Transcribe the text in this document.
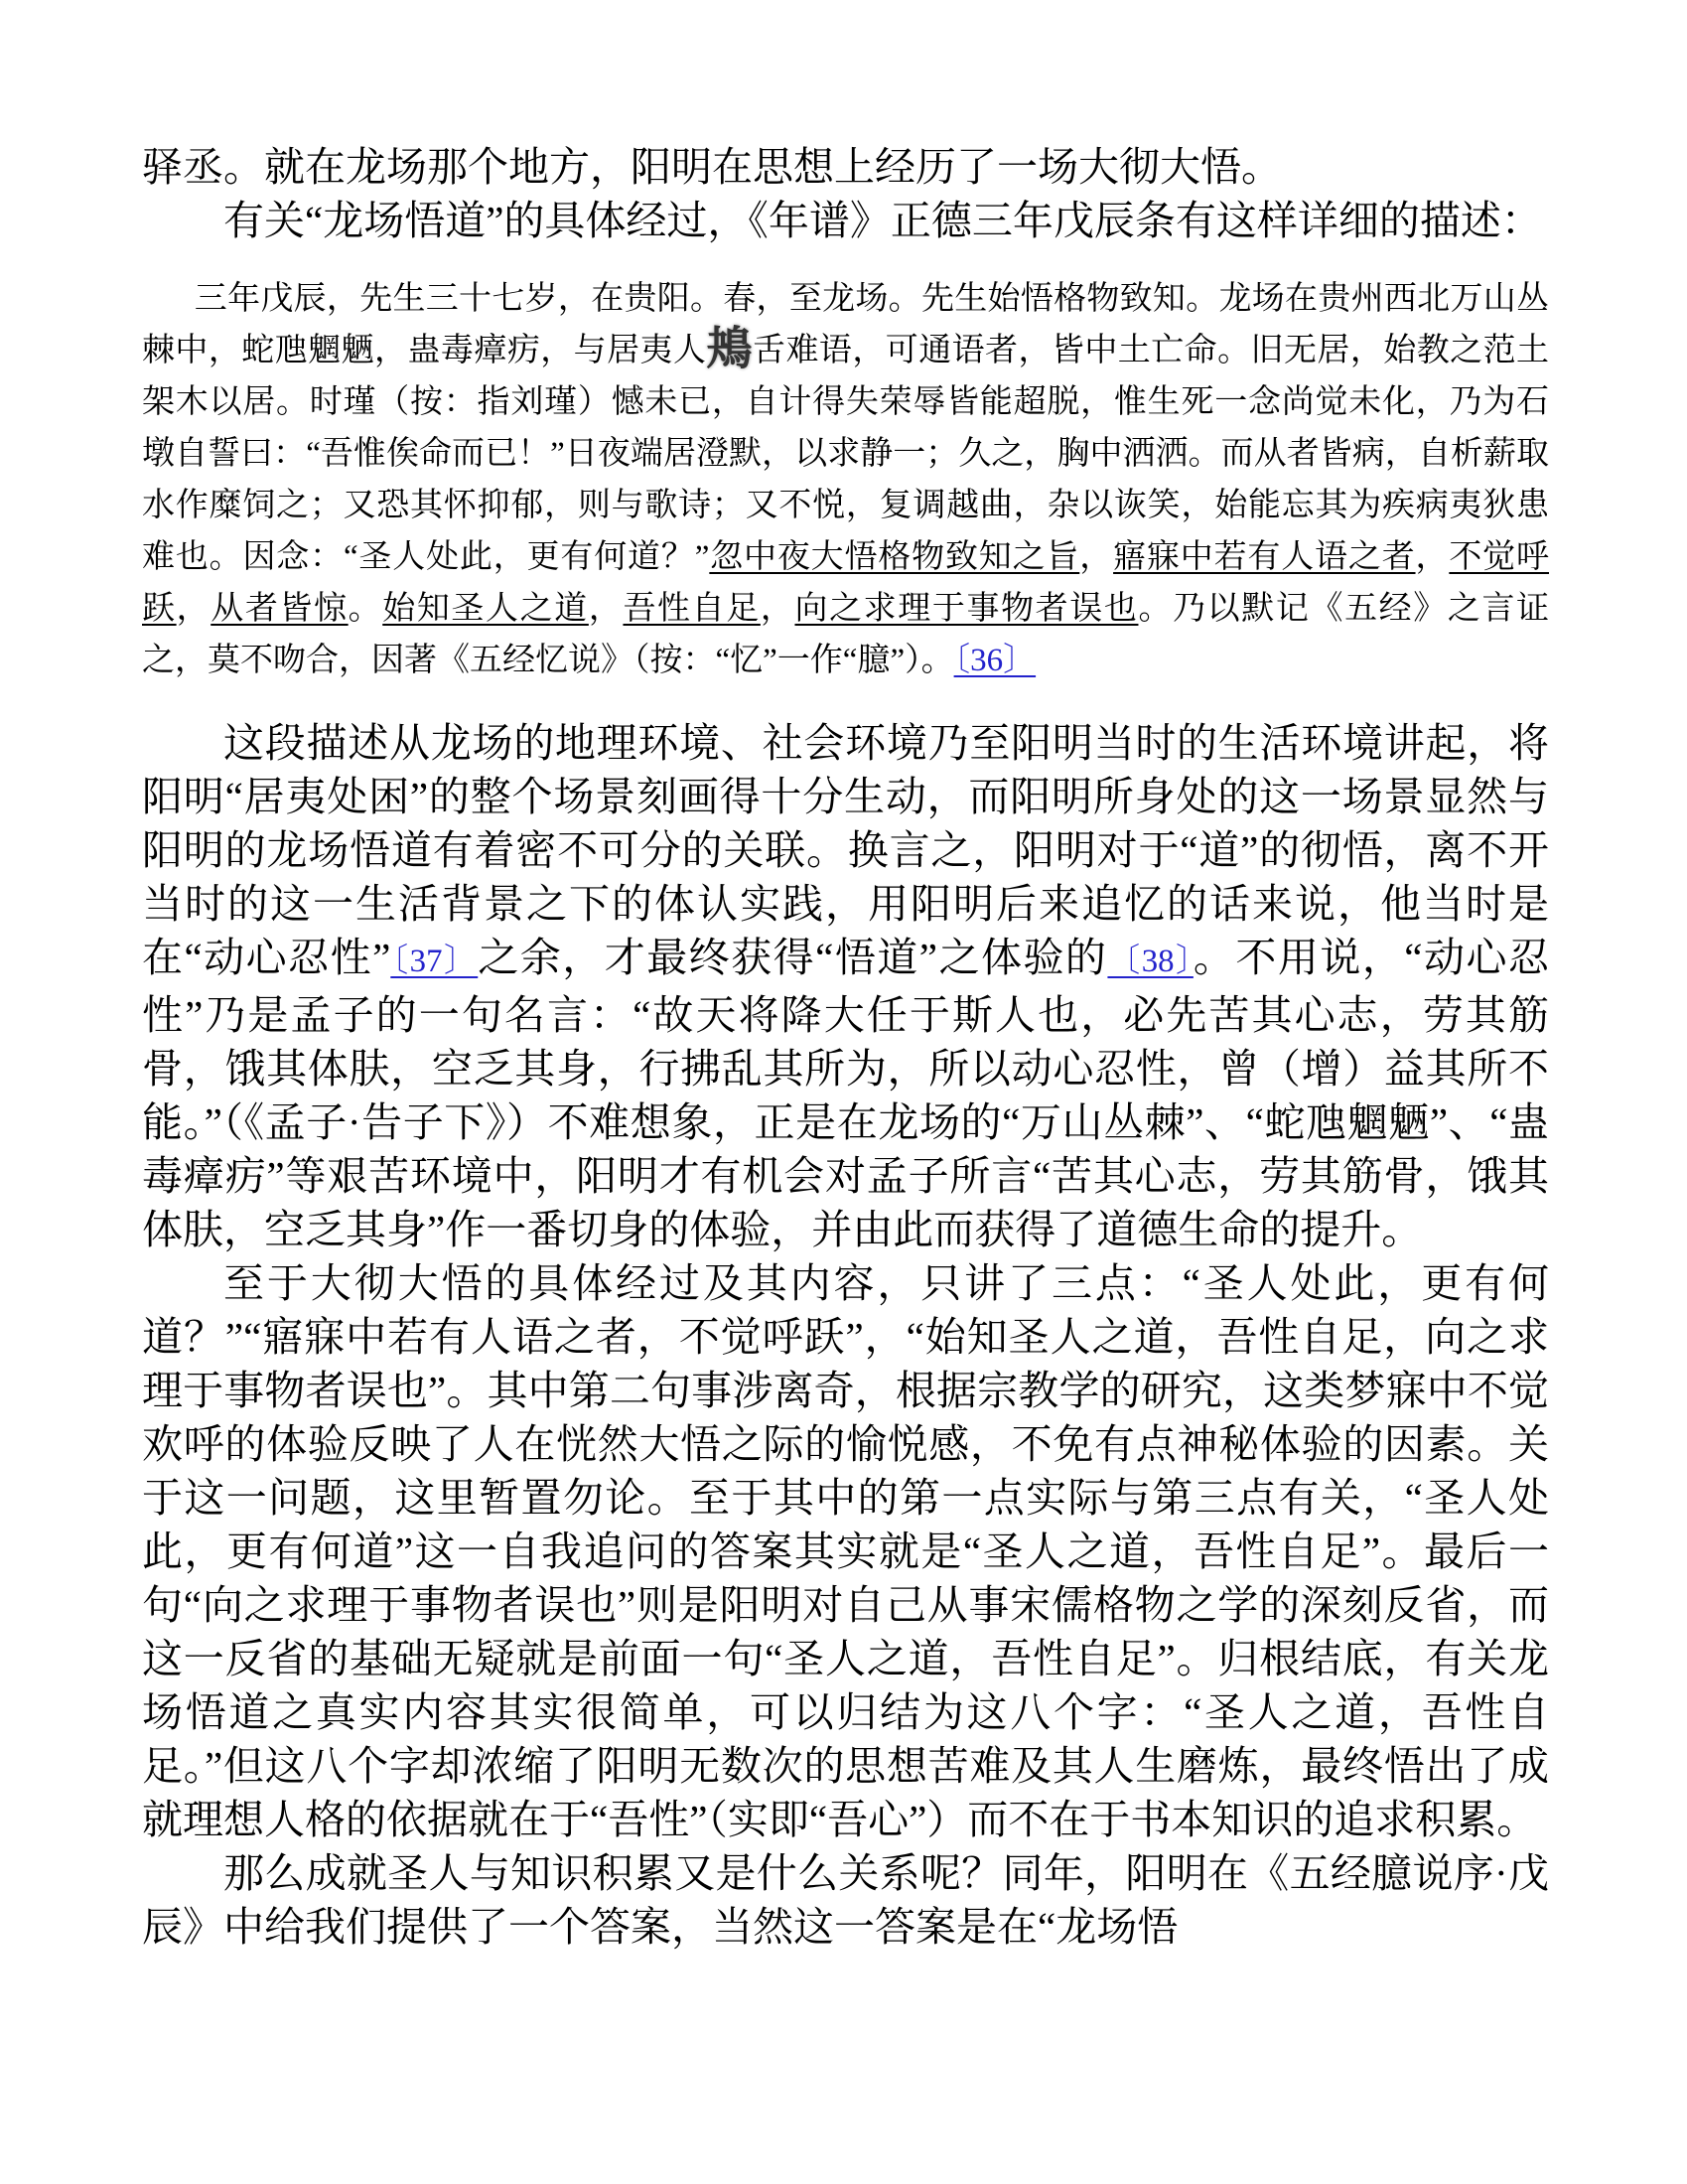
驿丞。就在龙场那个地方，阳明在思想上经历了一场大彻大悟。

有关“龙场悟道”的具体经过，《年谱》正德三年戊辰条有这样详细的描述：

三年戊辰，先生三十七岁，在贵阳。春，至龙场。先生始悟格物致知。龙场在贵州西北万山丛棘中，蛇虺魍魉，蛊毒瘴疠，与居夷人鴂舌难语，可通语者，皆中土亡命。旧无居，始教之范土架木以居。时瑾（按：指刘瑾）憾未已，自计得失荣辱皆能超脱，惟生死一念尚觉未化，乃为石墩自誓曰：“吾惟俟命而已！”日夜端居澄默，以求静一；久之，胸中洒洒。而从者皆病，自析薪取水作糜饲之；又恐其怀抑郁，则与歌诗；又不悦，复调越曲，杂以诙笑，始能忘其为疾病夷狄患难也。因念：“圣人处此，更有何道？”忽中夜大悟格物致知之旨，寤寐中若有人语之者，不觉呼跃，从者皆惊。始知圣人之道，吾性自足，向之求理于事物者误也。乃以默记《五经》之言证之，莫不吻合，因著《五经忆说》（按：“忆”一作“臆”）。〔36〕

这段描述从龙场的地理环境、社会环境乃至阳明当时的生活环境讲起，将阳明“居夷处困”的整个场景刻画得十分生动，而阳明所身处的这一场景显然与阳明的龙场悟道有着密不可分的关联。换言之，阳明对于“道”的彻悟，离不开当时的这一生活背景之下的体认实践，用阳明后来追忆的话来说，他当时是在“动心忍性”〔37〕之余，才最终获得“悟道”之体验的〔38〕。不用说，“动心忍性”乃是孟子的一句名言：“故天将降大任于斯人也，必先苦其心志，劳其筋骨，饿其体肤，空乏其身，行拂乱其所为，所以动心忍性，曾（增）益其所不能。”（《孟子·告子下》）不难想象，正是在龙场的“万山丛棘”、“蛇虺魍魉”、“蛊毒瘴疠”等艰苦环境中，阳明才有机会对孟子所言“苦其心志，劳其筋骨，饿其体肤，空乏其身”作一番切身的体验，并由此而获得了道德生命的提升。

至于大彻大悟的具体经过及其内容，只讲了三点：“圣人处此，更有何道？”“寤寐中若有人语之者，不觉呼跃”，“始知圣人之道，吾性自足，向之求理于事物者误也”。其中第二句事涉离奇，根据宗教学的研究，这类梦寐中不觉欢呼的体验反映了人在恍然大悟之际的愉悦感，不免有点神秘体验的因素。关于这一问题，这里暂置勿论。至于其中的第一点实际与第三点有关，“圣人处此，更有何道”这一自我追问的答案其实就是“圣人之道，吾性自足”。最后一句“向之求理于事物者误也”则是阳明对自己从事宋儒格物之学的深刻反省，而这一反省的基础无疑就是前面一句“圣人之道，吾性自足”。归根结底，有关龙场悟道之真实内容其实很简单，可以归结为这八个字：“圣人之道，吾性自足。”但这八个字却浓缩了阳明无数次的思想苦难及其人生磨炼，最终悟出了成就理想人格的依据就在于“吾性”（实即“吾心”）而不在于书本知识的追求积累。

那么成就圣人与知识积累又是什么关系呢？同年，阳明在《五经臆说序·戊辰》中给我们提供了一个答案，当然这一答案是在“龙场悟
